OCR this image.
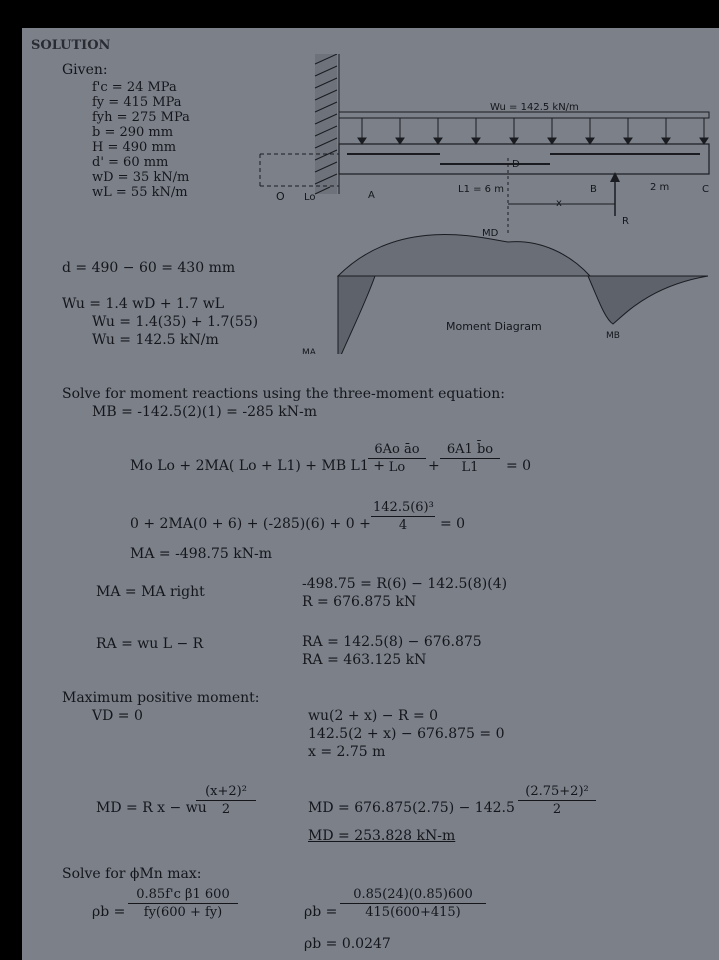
SOLUTION
Given:
f'c = 24 MPa
fy = 415 MPa
fyh = 275 MPa
b = 290 mm
H = 490 mm
d' = 60 mm
wD = 35 kN/m
wL = 55 kN/m
d = 490 − 60 = 430 mm
Wu = 1.4 wD + 1.7 wL
Wu = 1.4(35) + 1.7(55)
Wu = 142.5 kN/m
Wu = 142.5 kN/m
D
O Lo	A
L1 = 6 m
x
B	2 m	C
R
MD
Moment Diagram
MA
MB
Solve for moment reactions using the three-moment equation:
MB = -142.5(2)(1) = -285 kN-m
Mo Lo + 2MA( Lo + L1) + MB L1 +
$\frac{\text{6Ao āo}}{Lo} + \frac{6A1 b̄o}{L1} = 0$
$0 + 2MA(0 + 6) + (-285)(6) + 0 + \frac{\text{142.5(6)³}}{4} = 0$
MA = -498.75 kN-m
MA = MA right	-498.75 = R(6) − 142.5(8)(4)
R = 676.875 kN
RA = wu L − R	RA = 142.5(8) − 676.875
RA = 463.125 kN
Maximum positive moment:
VD = 0	wu(2 + x) − R = 0
142.5(2 + x) − 676.875 = 0
x = 2.75 m
MD = R x − wu
$\frac{\text{(x+2)²}}{2}$	MD = $676.875(2.75) - 142.5 \frac{\text{(2.75+2)²}}{2}$
MD = 253.828 kN-m
Solve for ϕMn max:
$\rho b = \frac{\text{0.85f'c β1 600}}{fy(600 + fy)}$	$\rho b = \frac{0.85(24)(0.85)600}{415(600+415)}$
ρb = 0.0247
